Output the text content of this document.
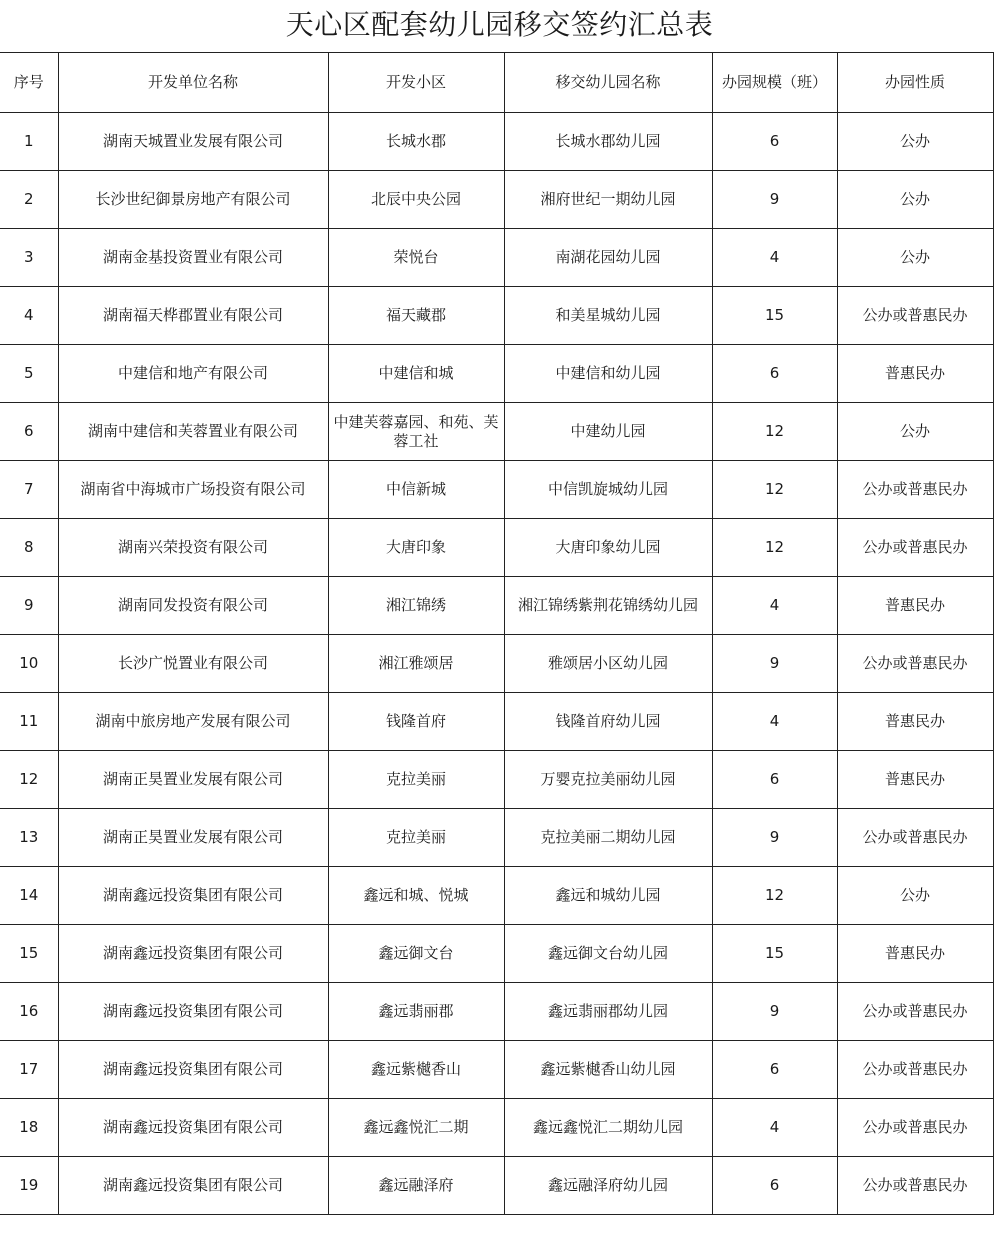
天心区配套幼儿园移交签约汇总表
序号	开发单位名称	开发小区	移交幼儿园名称	办园规模（班）	办园性质
1	湖南天城置业发展有限公司	长城水郡	长城水郡幼儿园	6	公办
2	长沙世纪御景房地产有限公司	北辰中央公园	湘府世纪一期幼儿园	9	公办
3	湖南金基投资置业有限公司	荣悦台	南湖花园幼儿园	4	公办
4	湖南福天桦郡置业有限公司	福天藏郡	和美星城幼儿园	15	公办或普惠民办
5	中建信和地产有限公司	中建信和城	中建信和幼儿园	6	普惠民办
6	湖南中建信和芙蓉置业有限公司	中建芙蓉嘉园、和苑、芙蓉工社	中建幼儿园	12	公办
7	湖南省中海城市广场投资有限公司	中信新城	中信凯旋城幼儿园	12	公办或普惠民办
8	湖南兴荣投资有限公司	大唐印象	大唐印象幼儿园	12	公办或普惠民办
9	湖南同发投资有限公司	湘江锦绣	湘江锦绣紫荆花锦绣幼儿园	4	普惠民办
10	长沙广悦置业有限公司	湘江雅颂居	雅颂居小区幼儿园	9	公办或普惠民办
11	湖南中旅房地产发展有限公司	钱隆首府	钱隆首府幼儿园	4	普惠民办
12	湖南正昊置业发展有限公司	克拉美丽	万婴克拉美丽幼儿园	6	普惠民办
13	湖南正昊置业发展有限公司	克拉美丽	克拉美丽二期幼儿园	9	公办或普惠民办
14	湖南鑫远投资集团有限公司	鑫远和城、悦城	鑫远和城幼儿园	12	公办
15	湖南鑫远投资集团有限公司	鑫远御文台	鑫远御文台幼儿园	15	普惠民办
16	湖南鑫远投资集团有限公司	鑫远翡丽郡	鑫远翡丽郡幼儿园	9	公办或普惠民办
17	湖南鑫远投资集团有限公司	鑫远紫樾香山	鑫远紫樾香山幼儿园	6	公办或普惠民办
18	湖南鑫远投资集团有限公司	鑫远鑫悦汇二期	鑫远鑫悦汇二期幼儿园	4	公办或普惠民办
19	湖南鑫远投资集团有限公司	鑫远融泽府	鑫远融泽府幼儿园	6	公办或普惠民办
